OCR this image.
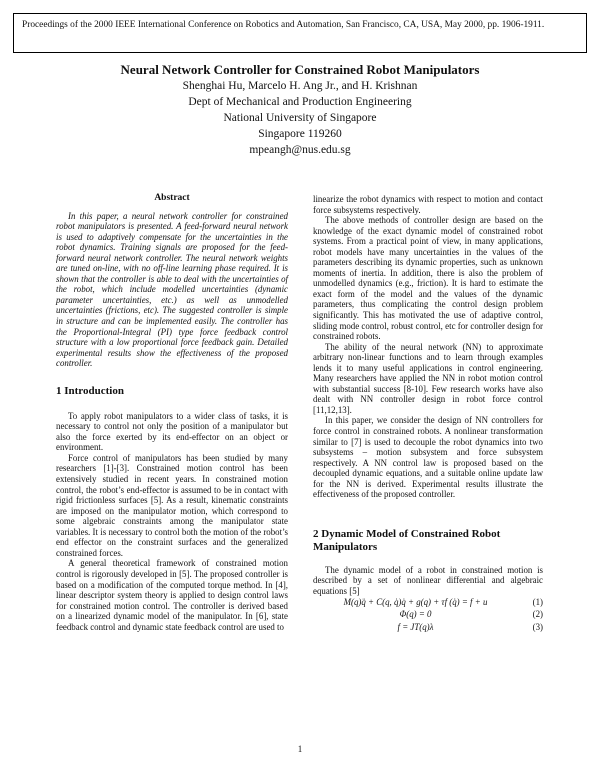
Proceedings of the 2000 IEEE International Conference on Robotics and Automation, San Francisco, CA, USA, May 2000, pp. 1906-1911.
Neural Network Controller for Constrained Robot Manipulators
Shenghai Hu, Marcelo H. Ang Jr., and H. Krishnan
Dept of Mechanical and Production Engineering
National University of Singapore
Singapore 119260
mpeangh@nus.edu.sg
Abstract

In this paper, a neural network controller for constrained robot manipulators is presented. A feed-forward neural network is used to adaptively compensate for the uncertainties in the robot dynamics. Training signals are proposed for the feed-forward neural network controller. The neural network weights are tuned on-line, with no off-line learning phase required. It is shown that the controller is able to deal with the uncertainties of the robot, which include modelled uncertainties (dynamic parameter uncertainties, etc.) as well as unmodelled uncertainties (frictions, etc). The suggested controller is simple in structure and can be implemented easily. The controller has the Proportional-Integral (PI) type force feedback control structure with a low proportional force feedback gain. Detailed experimental results show the effectiveness of the proposed controller.

1 Introduction

To apply robot manipulators to a wider class of tasks, it is necessary to control not only the position of a manipulator but also the force exerted by its end-effector on an object or environment.

Force control of manipulators has been studied by many researchers [1]-[3]. Constrained motion control has been extensively studied in recent years. In constrained motion control, the robot’s end-effector is assumed to be in contact with rigid frictionless surfaces [5]. As a result, kinematic constraints are imposed on the manipulator motion, which correspond to some algebraic constraints among the manipulator state variables. It is necessary to control both the motion of the robot’s end effector on the constraint surfaces and the generalized constrained forces.

A general theoretical framework of constrained motion control is rigorously developed in [5]. The proposed controller is based on a modification of the computed torque method. In [4], linear descriptor system theory is applied to design control laws for constrained motion control. The controller is derived based on a linearized dynamic model of the manipulator. In [6], state feedback control and dynamic state feedback control are used to

linearize the robot dynamics with respect to motion and contact force subsystems respectively.

The above methods of controller design are based on the knowledge of the exact dynamic model of constrained robot systems. From a practical point of view, in many applications, robot models have many uncertainties in the values of the parameters describing its dynamic properties, such as unknown moments of inertia. In addition, there is also the problem of unmodelled dynamics (e.g., friction). It is hard to estimate the exact form of the model and the values of the dynamic parameters, thus complicating the control design problem significantly. This has motivated the use of adaptive control, sliding mode control, robust control, etc for controller design for constrained robots.

The ability of the neural network (NN) to approximate arbitrary non-linear functions and to learn through examples lends it to many useful applications in control engineering. Many researchers have applied the NN in robot motion control with substantial success [8-10]. Few research works have also dealt with NN controller design in robot force control [11,12,13].

In this paper, we consider the design of NN controllers for force control in constrained robots. A nonlinear transformation similar to [7] is used to decouple the robot dynamics into two subsystems – motion subsystem and force subsystem respectively. A NN control law is proposed based on the decoupled dynamic equations, and a suitable online update law for the NN is derived. Experimental results illustrate the effectiveness of the proposed controller.

2 Dynamic Model of Constrained Robot Manipulators

The dynamic model of a robot in constrained motion is described by a set of nonlinear differential and algebraic equations [5]

M(q)q̈ + C(q, q̇)q̇ + g(q) + τf (q̇) = f + u	(1)
Φ(q) = 0	(2)
f = JT(q)λ	(3)
1
